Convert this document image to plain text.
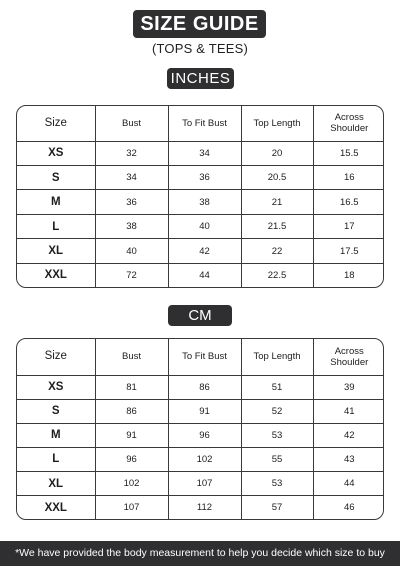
SIZE GUIDE
(TOPS & TEES)
INCHES
Size	Bust	To Fit Bust	Top Length	Across Shoulder
XS	32	34	20	15.5
S	34	36	20.5	16
M	36	38	21	16.5
L	38	40	21.5	17
XL	40	42	22	17.5
XXL	72	44	22.5	18
CM
Size	Bust	To Fit Bust	Top Length	Across Shoulder
XS	81	86	51	39
S	86	91	52	41
M	91	96	53	42
L	96	102	55	43
XL	102	107	53	44
XXL	107	112	57	46
*We have provided the body measurement to help you decide which size to buy
